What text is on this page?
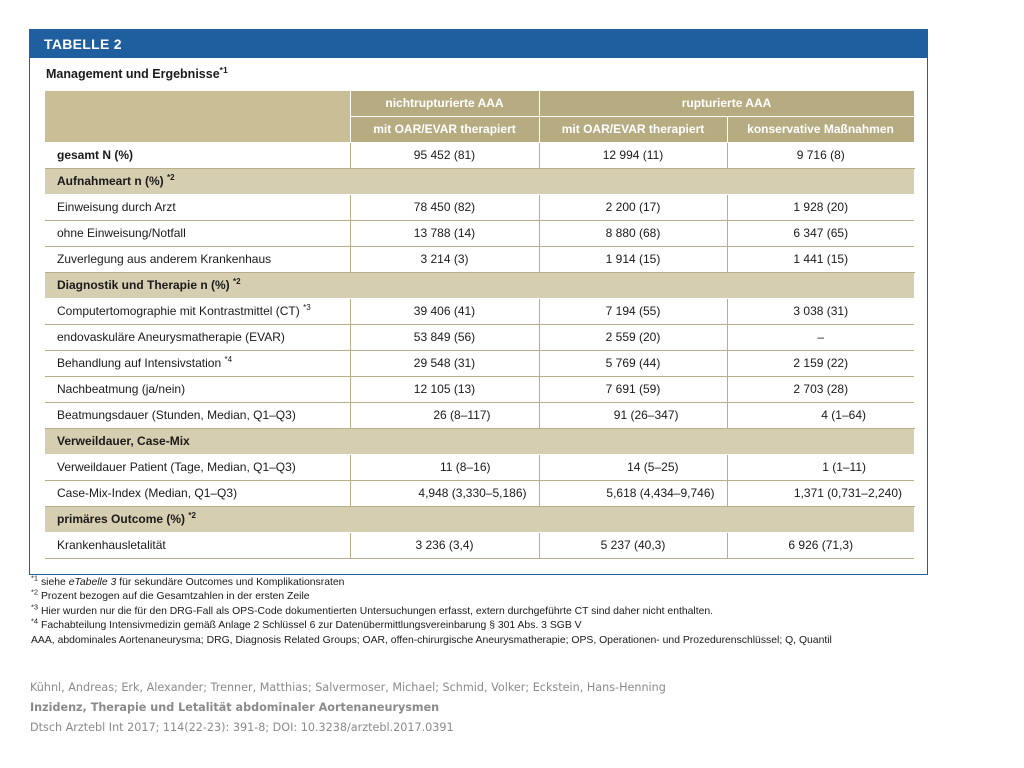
TABELLE 2
Management und Ergebnisse$^{*1}$
	nichtrupturierte AAA	rupturierte AAA	
	mit OAR/EVAR therapiert	mit OAR/EVAR therapiert	konservative Maßnahmen
gesamt N (%)	95 452 (81)	12 994 (11)	9 716 (8)
Aufnahmeart n (%) $^{*2}$
Einweisung durch Arzt	78 450 (82)	2 200 (17)	1 928 (20)
ohne Einweisung/Notfall	13 788 (14)	8 880 (68)	6 347 (65)
Zuverlegung aus anderem Krankenhaus	3 214 (3)	1 914 (15)	1 441 (15)
Diagnostik und Therapie n (%) $^{*2}$
Computertomographie mit Kontrastmittel (CT) $^{*3}$	39 406 (41)	7 194 (55)	3 038 (31)
endovaskuläre Aneurysmatherapie (EVAR)	53 849 (56)	2 559 (20)	–
Behandlung auf Intensivstation $^{*4}$	29 548 (31)	5 769 (44)	2 159 (22)
Nachbeatmung (ja/nein)	12 105 (13)	7 691 (59)	2 703 (28)
Beatmungsdauer (Stunden, Median, Q1–Q3)	26 (8–117)	91 (26–347)	4 (1–64)
Verweildauer, Case-Mix			
Verweildauer Patient (Tage, Median, Q1–Q3)	11 (8–16)	14 (5–25)	1 (1–11)
Case-Mix-Index (Median, Q1–Q3)	4,948 (3,330–5,186)	5,618 (4,434–9,746)	1,371 (0,731–2,240)
primäres Outcome (%) $^{*2}$
Krankenhausletalität	3 236 (3,4)	5 237 (40,3)	6 926 (71,3)
$^{*1}$ siehe eTabelle 3 für sekundäre Outcomes und Komplikationsraten
$^{*2}$ Prozent bezogen auf die Gesamtzahlen in der ersten Zeile
$^{*3}$ Hier wurden nur die für den DRG-Fall als OPS-Code dokumentierten Untersuchungen erfasst, extern durchgeführte CT sind daher nicht enthalten.
$^{*4}$ Fachabteilung Intensivmedizin gemäß Anlage 2 Schlüssel 6 zur Datenübermittlungsvereinbarung § 301 Abs. 3 SGB V
AAA, abdominales Aortenaneurysma; DRG, Diagnosis Related Groups; OAR, offen-chirurgische Aneurysmatherapie; OPS, Operationen- und Prozedurenschlüssel; Q, Quantil
Kühnl, Andreas; Erk, Alexander; Trenner, Matthias; Salvermoser, Michael; Schmid, Volker; Eckstein, Hans-Henning
Inzidenz, Therapie und Letalität abdominaler Aortenaneurysmen
Dtsch Arztebl Int 2017; 114(22-23): 391-8; DOI: 10.3238/arztebl.2017.0391
